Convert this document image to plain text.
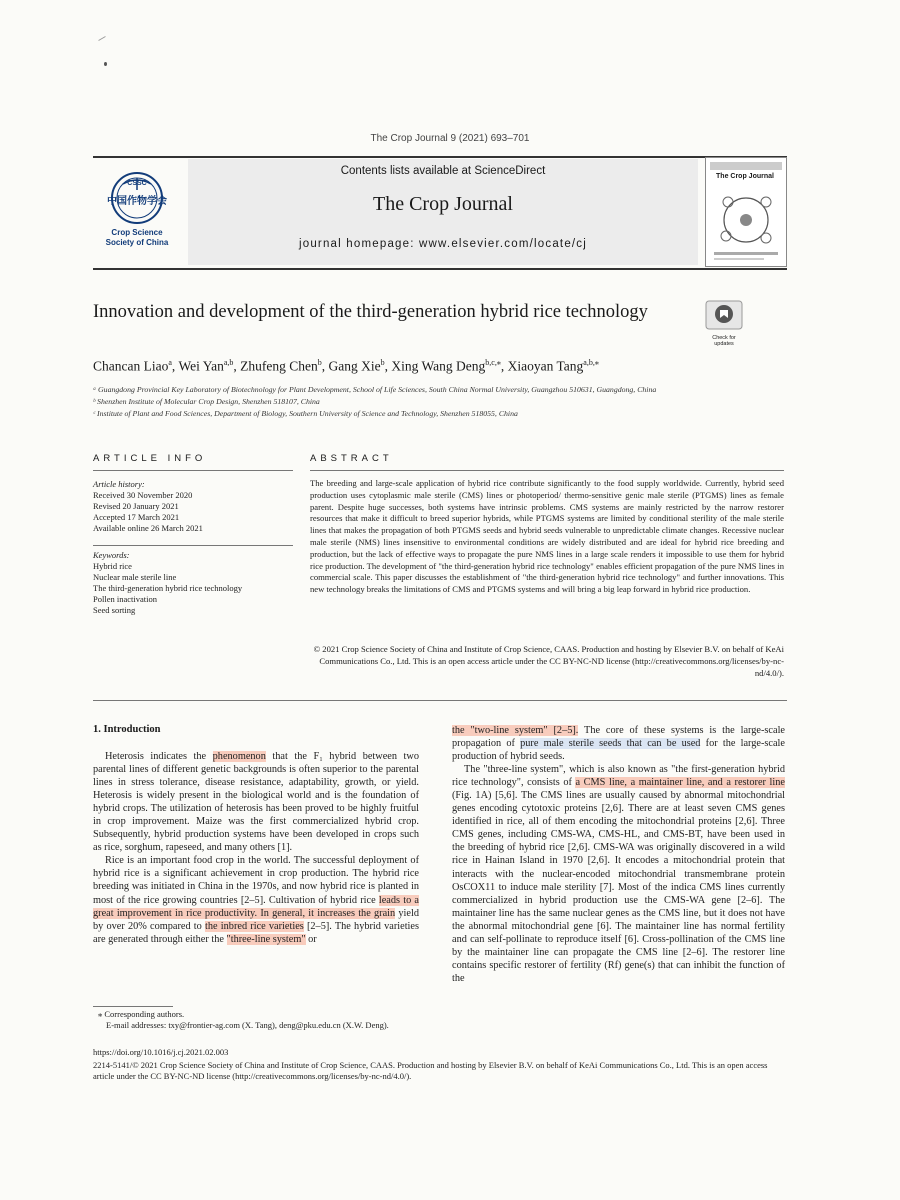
The Crop Journal 9 (2021) 693–701
中国作物学会
CSSC
Crop Science
Society of China
Contents lists available at ScienceDirect
The Crop Journal
journal homepage: www.elsevier.com/locate/cj
The Crop Journal
Innovation and development of the third-generation hybrid rice technology
Check for updates
Chancan Liao$^a$, Wei Yan$^{a,b}$, Zhufeng Chen$^b$, Gang Xie$^b$, Xing Wang Deng$^{b,c,⁎}$, Xiaoyan Tang$^{a,b,⁎}$
ᵃ Guangdong Provincial Key Laboratory of Biotechnology for Plant Development, School of Life Sciences, South China Normal University, Guangzhou 510631, Guangdong, China
ᵇ Shenzhen Institute of Molecular Crop Design, Shenzhen 518107, China
ᶜ Institute of Plant and Food Sciences, Department of Biology, Southern University of Science and Technology, Shenzhen 518055, China
ARTICLE INFO
Article history:
Received 30 November 2020
Revised 20 January 2021
Accepted 17 March 2021
Available online 26 March 2021
Keywords:
Hybrid rice
Nuclear male sterile line
The third-generation hybrid rice technology
Pollen inactivation
Seed sorting
ABSTRACT
The breeding and large-scale application of hybrid rice contribute significantly to the food supply worldwide. Currently, hybrid seed production uses cytoplasmic male sterile (CMS) lines or photoperiod/ thermo-sensitive genic male sterile (PTGMS) lines as female parent. Despite huge successes, both systems have intrinsic problems. CMS systems are mainly restricted by the narrow restorer resources that make it difficult to breed superior hybrids, while PTGMS systems are limited by conditional sterility of the male sterile lines that makes the propagation of both PTGMS seeds and hybrid seeds vulnerable to unpredictable climate changes. Recessive nuclear male sterile (NMS) lines insensitive to environmental conditions are widely distributed and are ideal for hybrid rice breeding and production, but the lack of effective ways to propagate the pure NMS lines in a large scale renders it impossible to use them for hybrid rice production. The development of "the third-generation hybrid rice technology" enables efficient propagation of the pure NMS lines in commercial scale. This paper discusses the establishment of "the third-generation hybrid rice technology" and further innovations. This new technology breaks the limitations of CMS and PTGMS systems and will bring a big leap forward in hybrid rice production.
© 2021 Crop Science Society of China and Institute of Crop Science, CAAS. Production and hosting by Elsevier B.V. on behalf of KeAi Communications Co., Ltd. This is an open access article under the CC BY-NC-ND license (http://creativecommons.org/licenses/by-nc-nd/4.0/).
1. Introduction

Heterosis indicates the phenomenon that the F₁ hybrid between two parental lines of different genetic backgrounds is often superior to the parental lines in stress tolerance, disease resistance, adaptability, growth, or yield. Heterosis is widely present in the biological world and is the foundation of hybrid crops. The utilization of heterosis has been proved to be highly fruitful in crop improvement. Maize was the first commercialized hybrid crop. Subsequently, hybrid production systems have been developed in crops such as rice, sorghum, rapeseed, and many others [1].

Rice is an important food crop in the world. The successful deployment of hybrid rice is a significant achievement in crop production. The hybrid rice breeding was initiated in China in the 1970s, and now hybrid rice is planted in most of the rice growing countries [2–5]. Cultivation of hybrid rice leads to a great improvement in rice productivity. In general, it increases the grain yield by over 20% compared to the inbred rice varieties [2–5]. The hybrid varieties are generated through either the "three-line system" or

the "two-line system" [2–5]. The core of these systems is the large-scale propagation of pure male sterile seeds that can be used for the large-scale production of hybrid seeds.

The "three-line system", which is also known as "the first-generation hybrid rice technology", consists of a CMS line, a maintainer line, and a restorer line (Fig. 1A) [5,6]. The CMS lines are usually caused by abnormal mitochondrial genes encoding cytotoxic proteins [2,6]. There are at least seven CMS genes identified in rice, all of them encoding the mitochondrial proteins [2,6]. Three CMS genes, including CMS-WA, CMS-HL, and CMS-BT, have been used in the breeding of hybrid rice [2,6]. CMS-WA was originally discovered in a wild rice in Hainan Island in 1970 [2,6]. It encodes a mitochondrial protein that interacts with the nuclear-encoded mitochondrial transmembrane protein OsCOX11 to induce male sterility [7]. Most of the indica CMS lines currently commercialized in hybrid production use the CMS-WA gene [2–6]. The maintainer line has the same nuclear genes as the CMS line, but it does not have the abnormal mitochondrial gene [6]. The maintainer line has normal fertility and can self-pollinate to reproduce itself [6]. Cross-pollination of the CMS line by the maintainer line can propagate the CMS line [2–6]. The restorer line contains specific restorer of fertility (Rf) gene(s) that can inhibit the function of the

⁎ Corresponding authors.
E-mail addresses: txy@frontier-ag.com (X. Tang), deng@pku.edu.cn (X.W. Deng).
https://doi.org/10.1016/j.cj.2021.02.003
2214-5141/© 2021 Crop Science Society of China and Institute of Crop Science, CAAS. Production and hosting by Elsevier B.V. on behalf of KeAi Communications Co., Ltd. This is an open access article under the CC BY-NC-ND license (http://creativecommons.org/licenses/by-nc-nd/4.0/).
